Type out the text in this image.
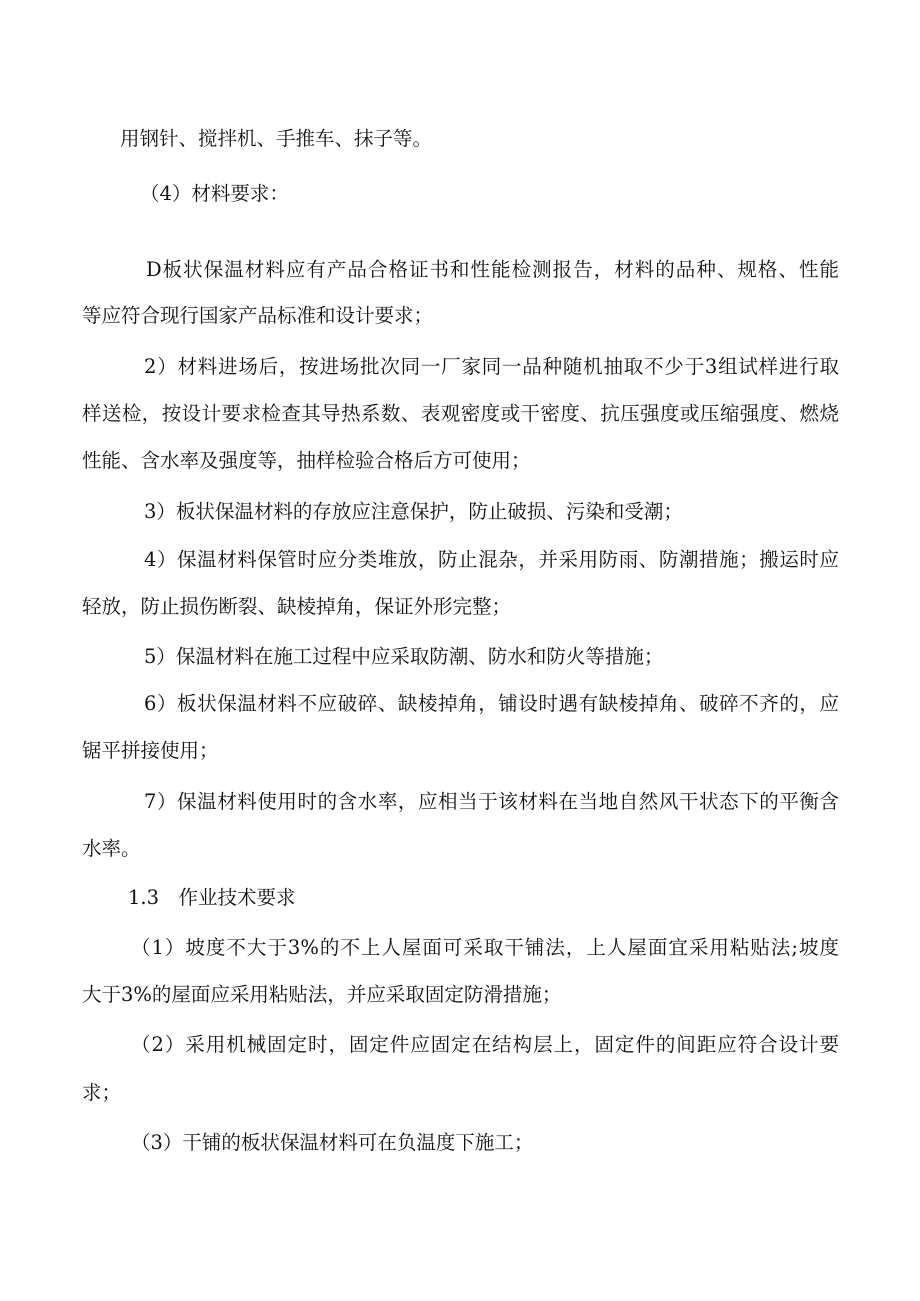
用钢针、搅拌机、手推车、抹子等。
（4）材料要求：
D板状保温材料应有产品合格证书和性能检测报告，材料的品种、规格、性能
等应符合现行国家产品标准和设计要求；
2）材料进场后，按进场批次同一厂家同一品种随机抽取不少于3组试样进行取
样送检，按设计要求检查其导热系数、表观密度或干密度、抗压强度或压缩强度、燃烧
性能、含水率及强度等，抽样检验合格后方可使用；
3）板状保温材料的存放应注意保护，防止破损、污染和受潮；
4）保温材料保管时应分类堆放，防止混杂，并采用防雨、防潮措施；搬运时应
轻放，防止损伤断裂、缺棱掉角，保证外形完整；
5）保温材料在施工过程中应采取防潮、防水和防火等措施；
6）板状保温材料不应破碎、缺棱掉角，铺设时遇有缺棱掉角、破碎不齐的，应
锯平拼接使用；
7）保温材料使用时的含水率，应相当于该材料在当地自然风干状态下的平衡含
水率。
1.3　作业技术要求
（1）坡度不大于3%的不上人屋面可采取干铺法，上人屋面宜采用粘贴法;坡度
大于3%的屋面应采用粘贴法，并应采取固定防滑措施；
（2）采用机械固定时，固定件应固定在结构层上，固定件的间距应符合设计要
求；
（3）干铺的板状保温材料可在负温度下施工；
